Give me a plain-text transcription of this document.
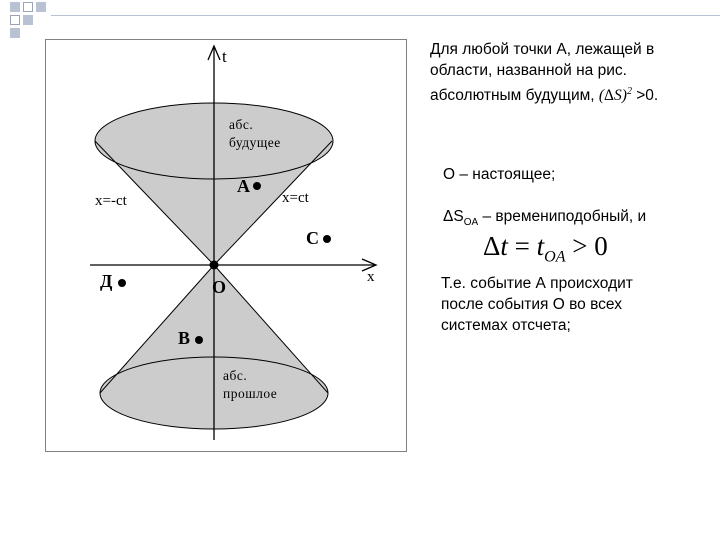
t
x
абс.
будущее
абс.
прошлое
x=-ct	x=ct
A
C
Д	O
B
Для любой точки А, лежащей в
области, названной на рис.
абсолютным будущим, $(\Delta S)^2 >0$.
О – настоящее;
$\Delta S_{OA}$ – времениподобный, и
$\Delta t = t_{OA} > 0$
Т.е. событие А происходит
после события О во всех
системах отсчета;
